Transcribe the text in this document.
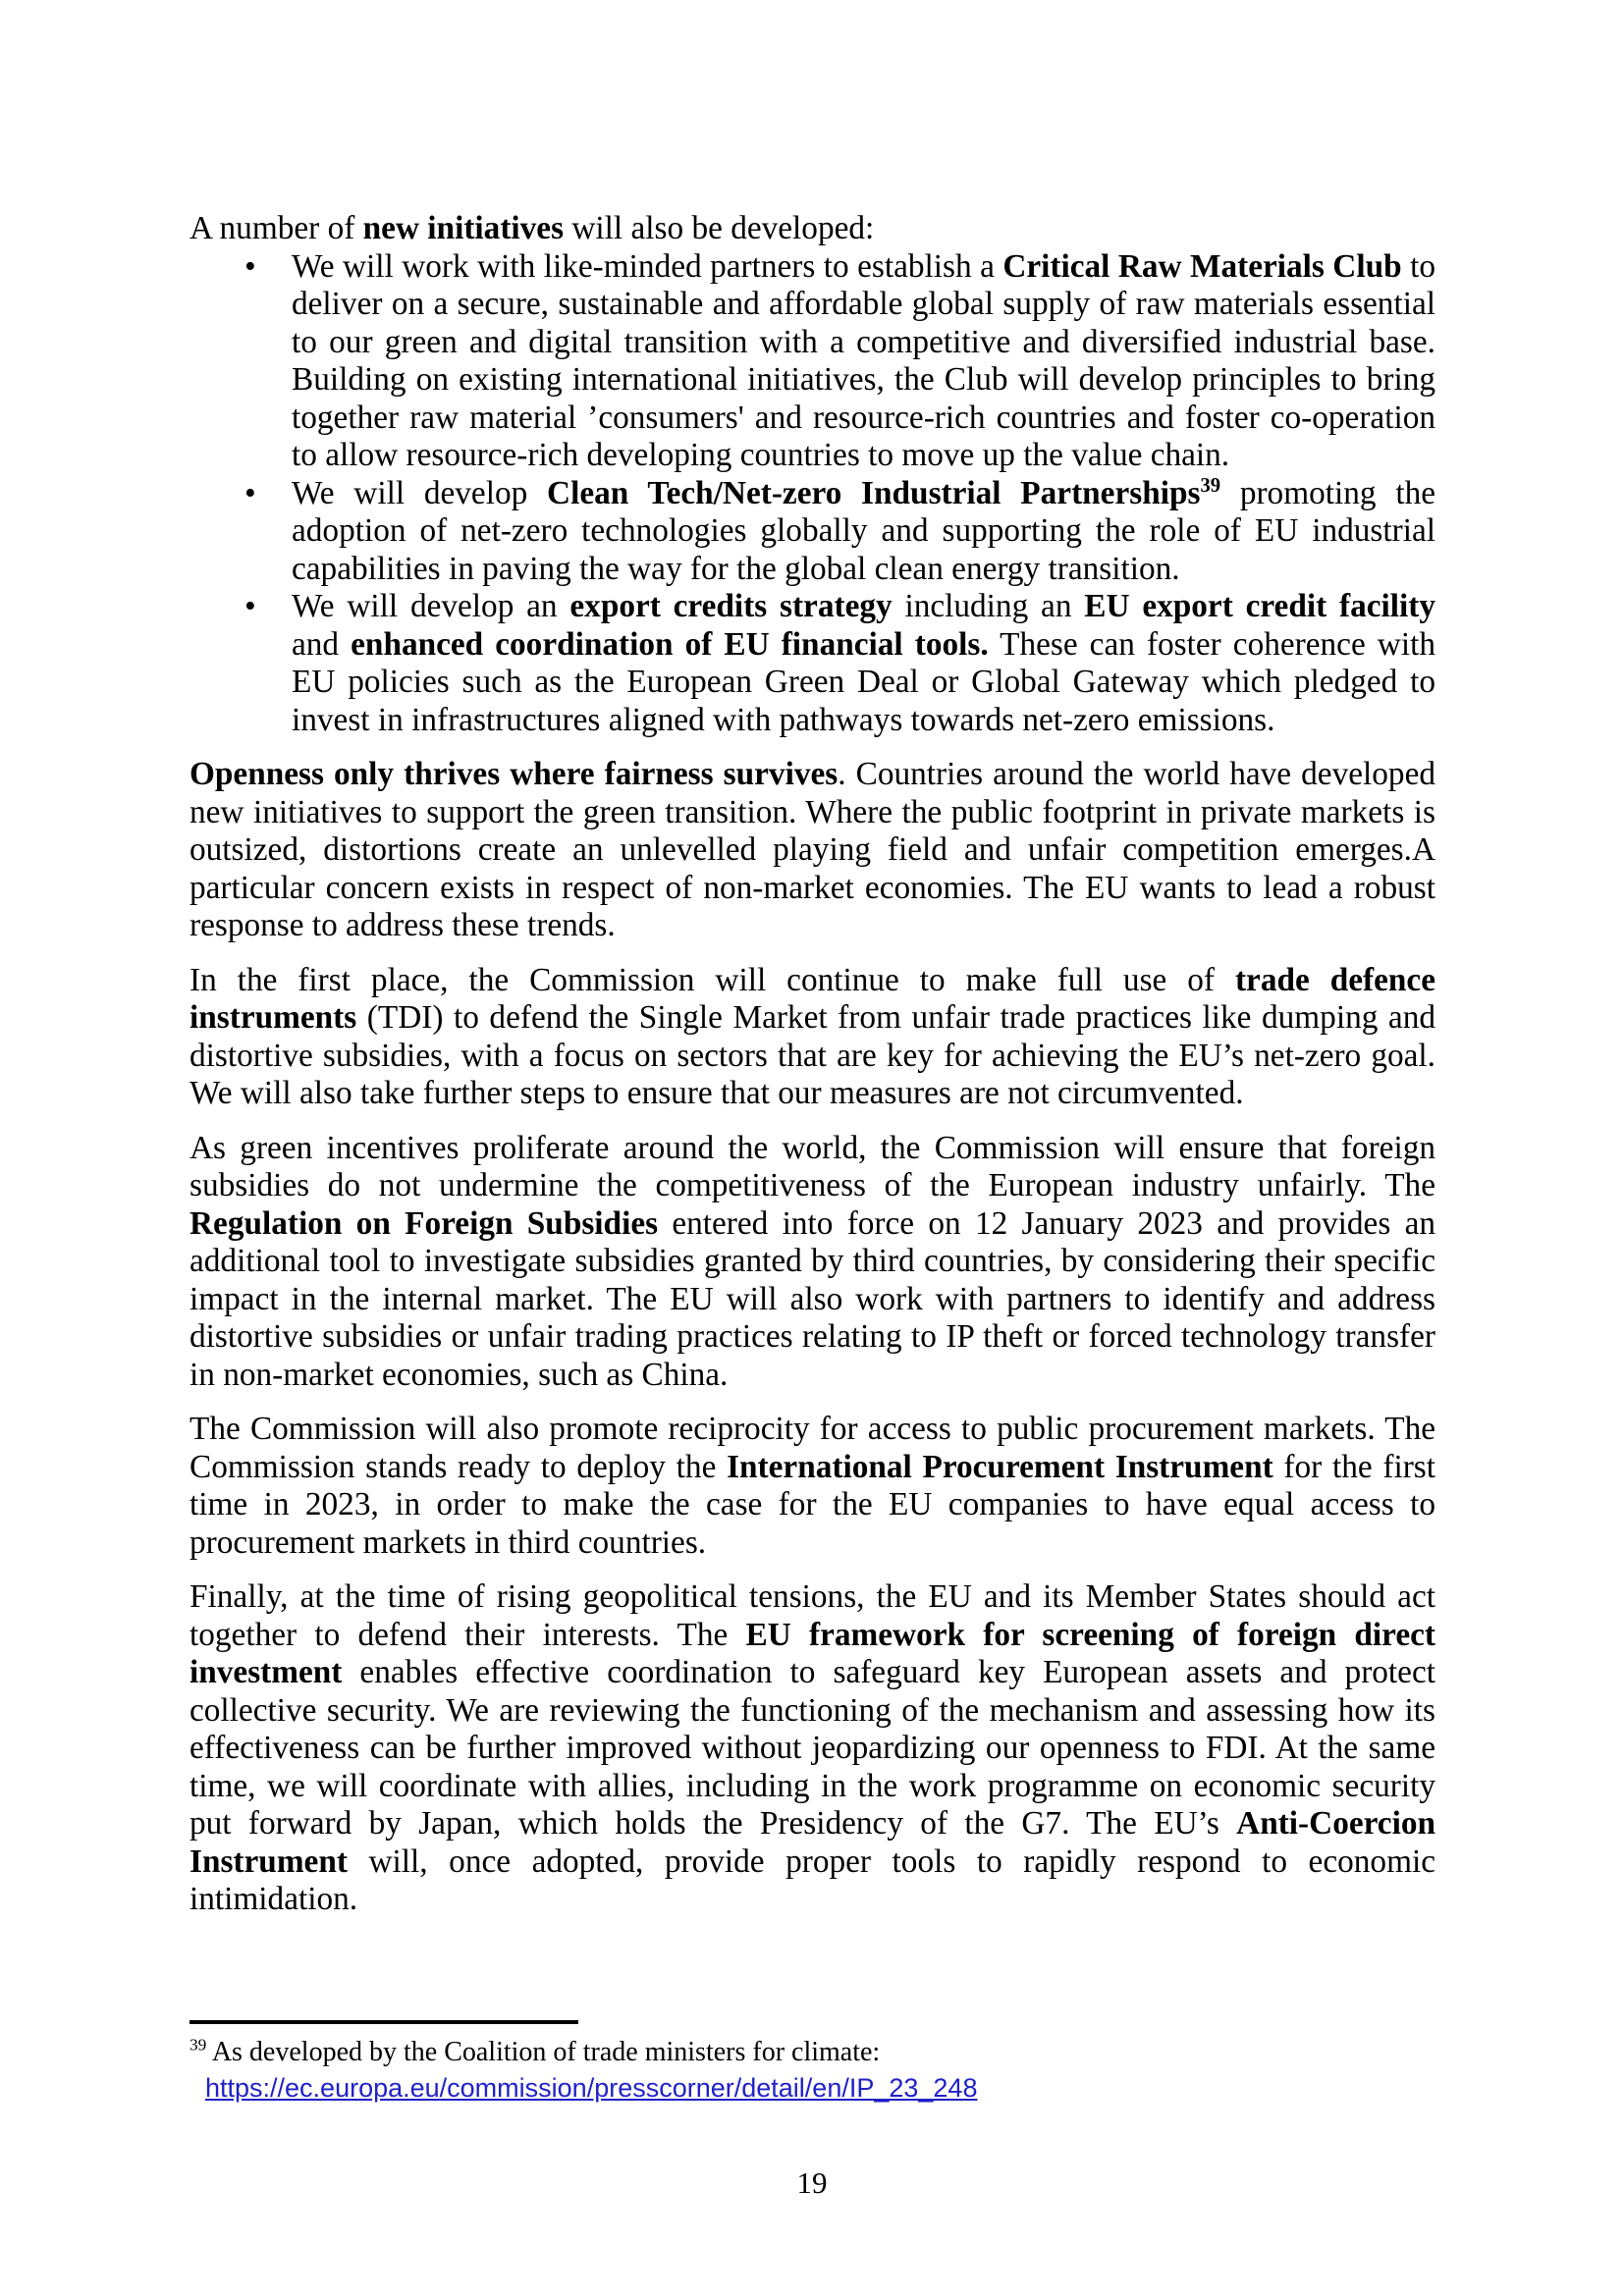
A number of new initiatives will also be developed:

• We will work with like-minded partners to establish a Critical Raw Materials Club to deliver on a secure, sustainable and affordable global supply of raw materials essential to our green and digital transition with a competitive and diversified industrial base. Building on existing international initiatives, the Club will develop principles to bring together raw material ’consumers' and resource-rich countries and foster co-operation to allow resource-rich developing countries to move up the value chain.
• We will develop Clean Tech/Net-zero Industrial Partnerships$^{39}$ promoting the adoption of net-zero technologies globally and supporting the role of EU industrial capabilities in paving the way for the global clean energy transition.
• We will develop an export credits strategy including an EU export credit facility and enhanced coordination of EU financial tools. These can foster coherence with EU policies such as the European Green Deal or Global Gateway which pledged to invest in infrastructures aligned with pathways towards net-zero emissions.

Openness only thrives where fairness survives. Countries around the world have developed new initiatives to support the green transition. Where the public footprint in private markets is outsized, distortions create an unlevelled playing field and unfair competition emerges.A particular concern exists in respect of non-market economies. The EU wants to lead a robust response to address these trends.

In the first place, the Commission will continue to make full use of trade defence instruments (TDI) to defend the Single Market from unfair trade practices like dumping and distortive subsidies, with a focus on sectors that are key for achieving the EU’s net-zero goal. We will also take further steps to ensure that our measures are not circumvented.

As green incentives proliferate around the world, the Commission will ensure that foreign subsidies do not undermine the competitiveness of the European industry unfairly. The Regulation on Foreign Subsidies entered into force on 12 January 2023 and provides an additional tool to investigate subsidies granted by third countries, by considering their specific impact in the internal market. The EU will also work with partners to identify and address distortive subsidies or unfair trading practices relating to IP theft or forced technology transfer in non-market economies, such as China.

The Commission will also promote reciprocity for access to public procurement markets. The Commission stands ready to deploy the International Procurement Instrument for the first time in 2023, in order to make the case for the EU companies to have equal access to procurement markets in third countries.

Finally, at the time of rising geopolitical tensions, the EU and its Member States should act together to defend their interests. The EU framework for screening of foreign direct investment enables effective coordination to safeguard key European assets and protect collective security. We are reviewing the functioning of the mechanism and assessing how its effectiveness can be further improved without jeopardizing our openness to FDI. At the same time, we will coordinate with allies, including in the work programme on economic security put forward by Japan, which holds the Presidency of the G7. The EU’s Anti-Coercion Instrument will, once adopted, provide proper tools to rapidly respond to economic intimidation.

$^{39}$ As developed by the Coalition of trade ministers for climate:
https://ec.europa.eu/commission/presscorner/detail/en/IP_23_248
19
